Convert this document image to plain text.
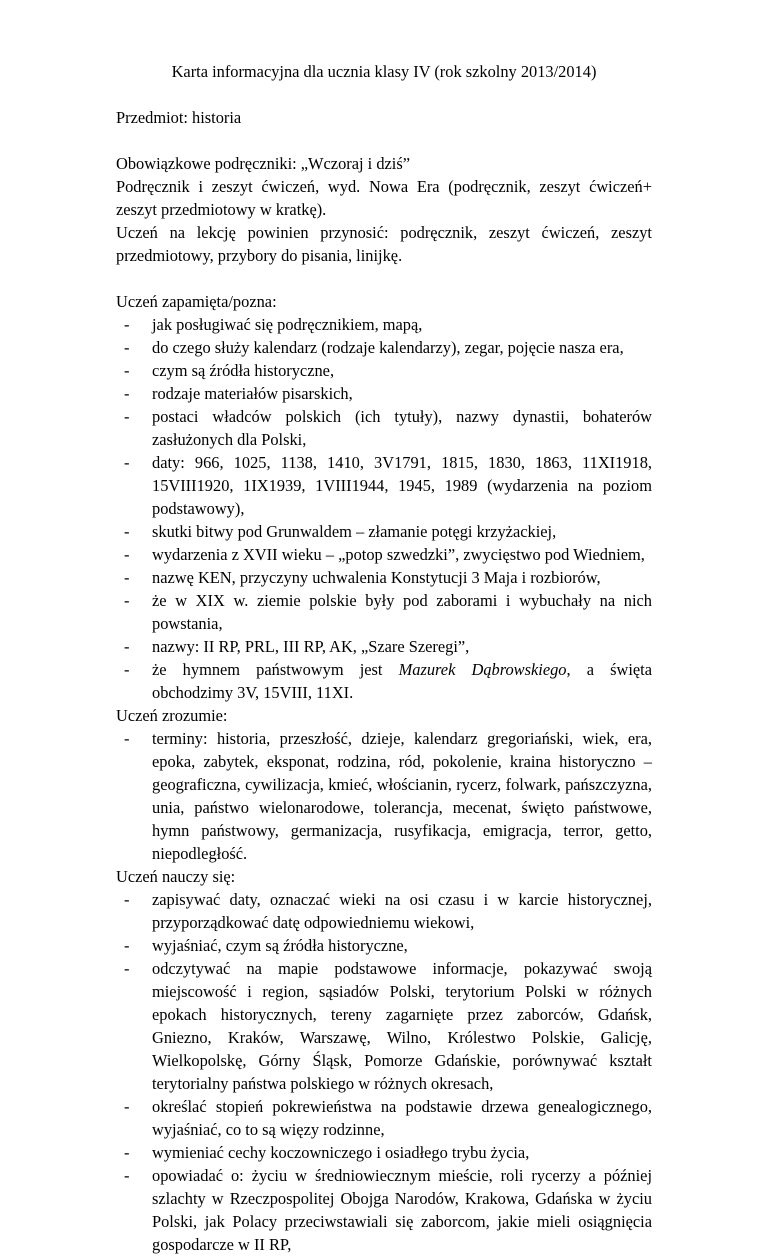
Karta informacyjna dla ucznia klasy IV (rok szkolny 2013/2014)

Przedmiot: historia

Obowiązkowe podręczniki: „Wczoraj i dziś”

Podręcznik i zeszyt ćwiczeń, wyd. Nowa Era (podręcznik, zeszyt ćwiczeń+ zeszyt przedmiotowy w kratkę).

Uczeń na lekcję powinien przynosić: podręcznik, zeszyt ćwiczeń, zeszyt przedmiotowy, przybory do pisania, linijkę.

Uczeń zapamięta/pozna:

- jak posługiwać się podręcznikiem, mapą,
- do czego służy kalendarz (rodzaje kalendarzy), zegar, pojęcie nasza era,
- czym są źródła historyczne,
- rodzaje materiałów pisarskich,
- postaci władców polskich (ich tytuły), nazwy dynastii, bohaterów zasłużonych dla Polski,
- daty: 966, 1025, 1138, 1410, 3V1791, 1815, 1830, 1863, 11XI1918, 15VIII1920, 1IX1939, 1VIII1944, 1945, 1989 (wydarzenia na poziom podstawowy),
- skutki bitwy pod Grunwaldem – złamanie potęgi krzyżackiej,
- wydarzenia z XVII wieku – „potop szwedzki”, zwycięstwo pod Wiedniem,
- nazwę KEN, przyczyny uchwalenia Konstytucji 3 Maja i rozbiorów,
- że w XIX w. ziemie polskie były pod zaborami i wybuchały na nich powstania,
- nazwy: II RP, PRL, III RP, AK, „Szare Szeregi”,
- że hymnem państwowym jest Mazurek Dąbrowskiego, a święta obchodzimy 3V, 15VIII, 11XI.

Uczeń zrozumie:

- terminy: historia, przeszłość, dzieje, kalendarz gregoriański, wiek, era, epoka, zabytek, eksponat, rodzina, ród, pokolenie, kraina historyczno –geograficzna, cywilizacja, kmieć, włościanin, rycerz, folwark, pańszczyzna, unia, państwo wielonarodowe, tolerancja, mecenat, święto państwowe, hymn państwowy, germanizacja, rusyfikacja, emigracja, terror, getto, niepodległość.

Uczeń nauczy się:

- zapisywać daty, oznaczać wieki na osi czasu i w karcie historycznej, przyporządkować datę odpowiedniemu wiekowi,
- wyjaśniać, czym są źródła historyczne,
- odczytywać na mapie podstawowe informacje, pokazywać swoją miejscowość i region, sąsiadów Polski, terytorium Polski w różnych epokach historycznych, tereny zagarnięte przez zaborców, Gdańsk, Gniezno, Kraków, Warszawę, Wilno, Królestwo Polskie, Galicję, Wielkopolskę, Górny Śląsk, Pomorze Gdańskie, porównywać kształt terytorialny państwa polskiego w różnych okresach,
- określać stopień pokrewieństwa na podstawie drzewa genealogicznego, wyjaśniać, co to są więzy rodzinne,
- wymieniać cechy koczowniczego i osiadłego trybu życia,
- opowiadać o: życiu w średniowiecznym mieście, roli rycerzy a później szlachty w Rzeczpospolitej Obojga Narodów, Krakowa, Gdańska w życiu Polski, jak Polacy przeciwstawiali się zaborcom, jakie mieli osiągnięcia gospodarcze w II RP,
